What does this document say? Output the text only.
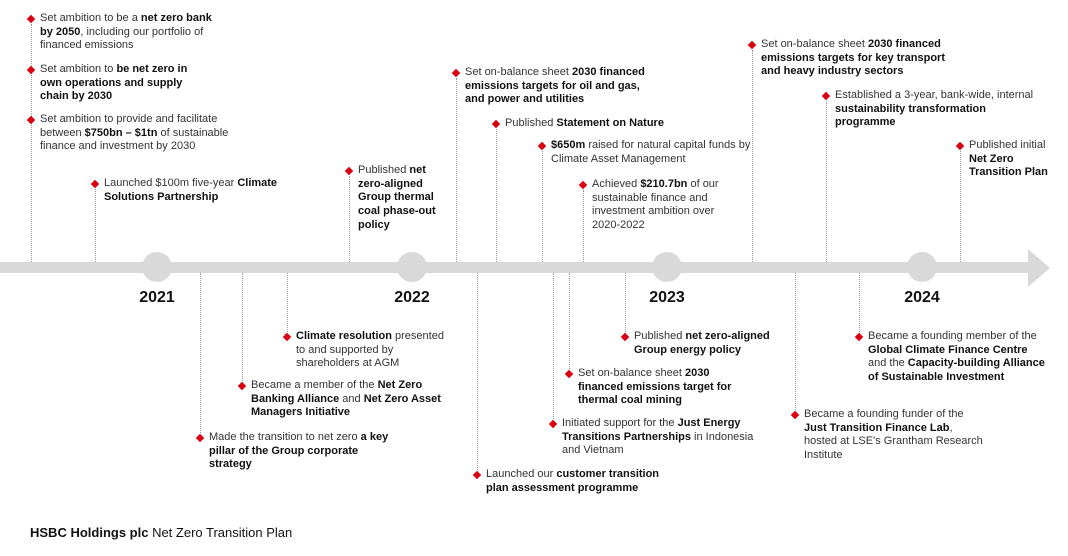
2021	2022	2023	2024
Set ambition to be a net zero bank by 2050, including our portfolio of financed emissions
Set ambition to be net zero in own operations and supply chain by 2030
Set ambition to provide and facilitate between $750bn – $1tn of sustainable finance and investment by 2030
Launched $100m five-year Climate Solutions Partnership
Published net zero-aligned Group thermal coal phase-out policy
Set on-balance sheet 2030 financed emissions targets for oil and gas, and power and utilities
Published Statement on Nature
$650m raised for natural capital funds by Climate Asset Management
Achieved $210.7bn of our sustainable finance and investment ambition over 2020-2022
Set on-balance sheet 2030 financed emissions targets for key transport and heavy industry sectors
Established a 3-year, bank-wide, internal sustainability transformation programme
Published initial Net Zero Transition Plan
Climate resolution presented to and supported by shareholders at AGM
Became a member of the Net Zero Banking Alliance and Net Zero Asset Managers Initiative
Made the transition to net zero a key pillar of the Group corporate strategy
Launched our customer transition plan assessment programme
Initiated support for the Just Energy Transitions Partnerships in Indonesia and Vietnam
Set on-balance sheet 2030 financed emissions target for thermal coal mining
Published net zero-aligned Group energy policy
Became a founding funder of the Just Transition Finance Lab, hosted at LSE's Grantham Research Institute
Became a founding member of the Global Climate Finance Centre and the Capacity-building Alliance of Sustainable Investment
HSBC Holdings plc Net Zero Transition Plan
